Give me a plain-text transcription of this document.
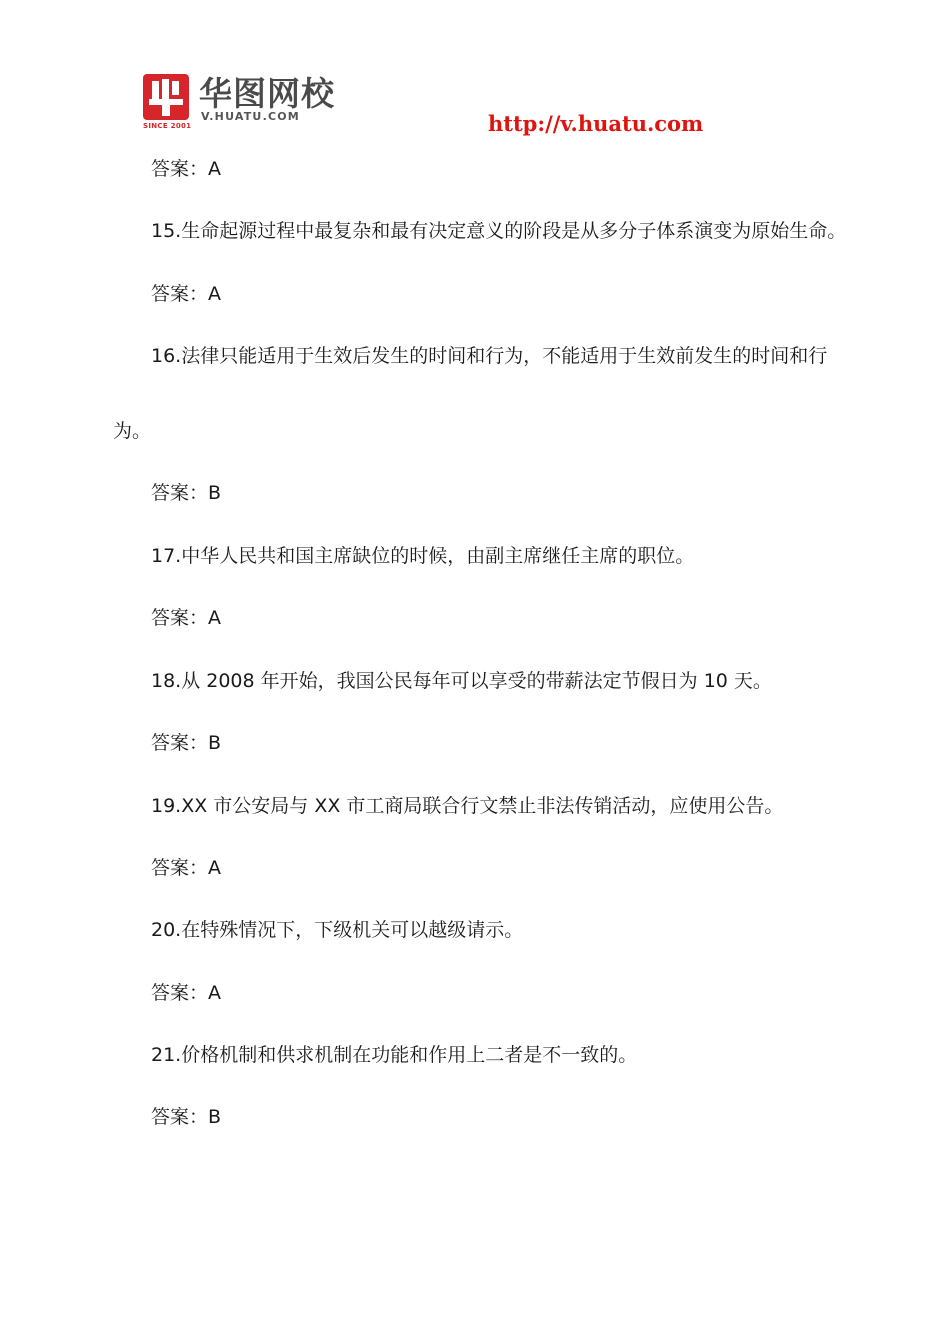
SINCE 2001
华图网校
V.HUATU.COM	http://v.huatu.com
答案：A
15.生命起源过程中最复杂和最有决定意义的阶段是从多分子体系演变为原始生命。
答案：A
16.法律只能适用于生效后发生的时间和行为，不能适用于生效前发生的时间和行
为。
答案：B
17.中华人民共和国主席缺位的时候，由副主席继任主席的职位。
答案：A
18.从 2008 年开始，我国公民每年可以享受的带薪法定节假日为 10 天。
答案：B
19.XX 市公安局与 XX 市工商局联合行文禁止非法传销活动，应使用公告。
答案：A
20.在特殊情况下，下级机关可以越级请示。
答案：A
21.价格机制和供求机制在功能和作用上二者是不一致的。
答案：B
